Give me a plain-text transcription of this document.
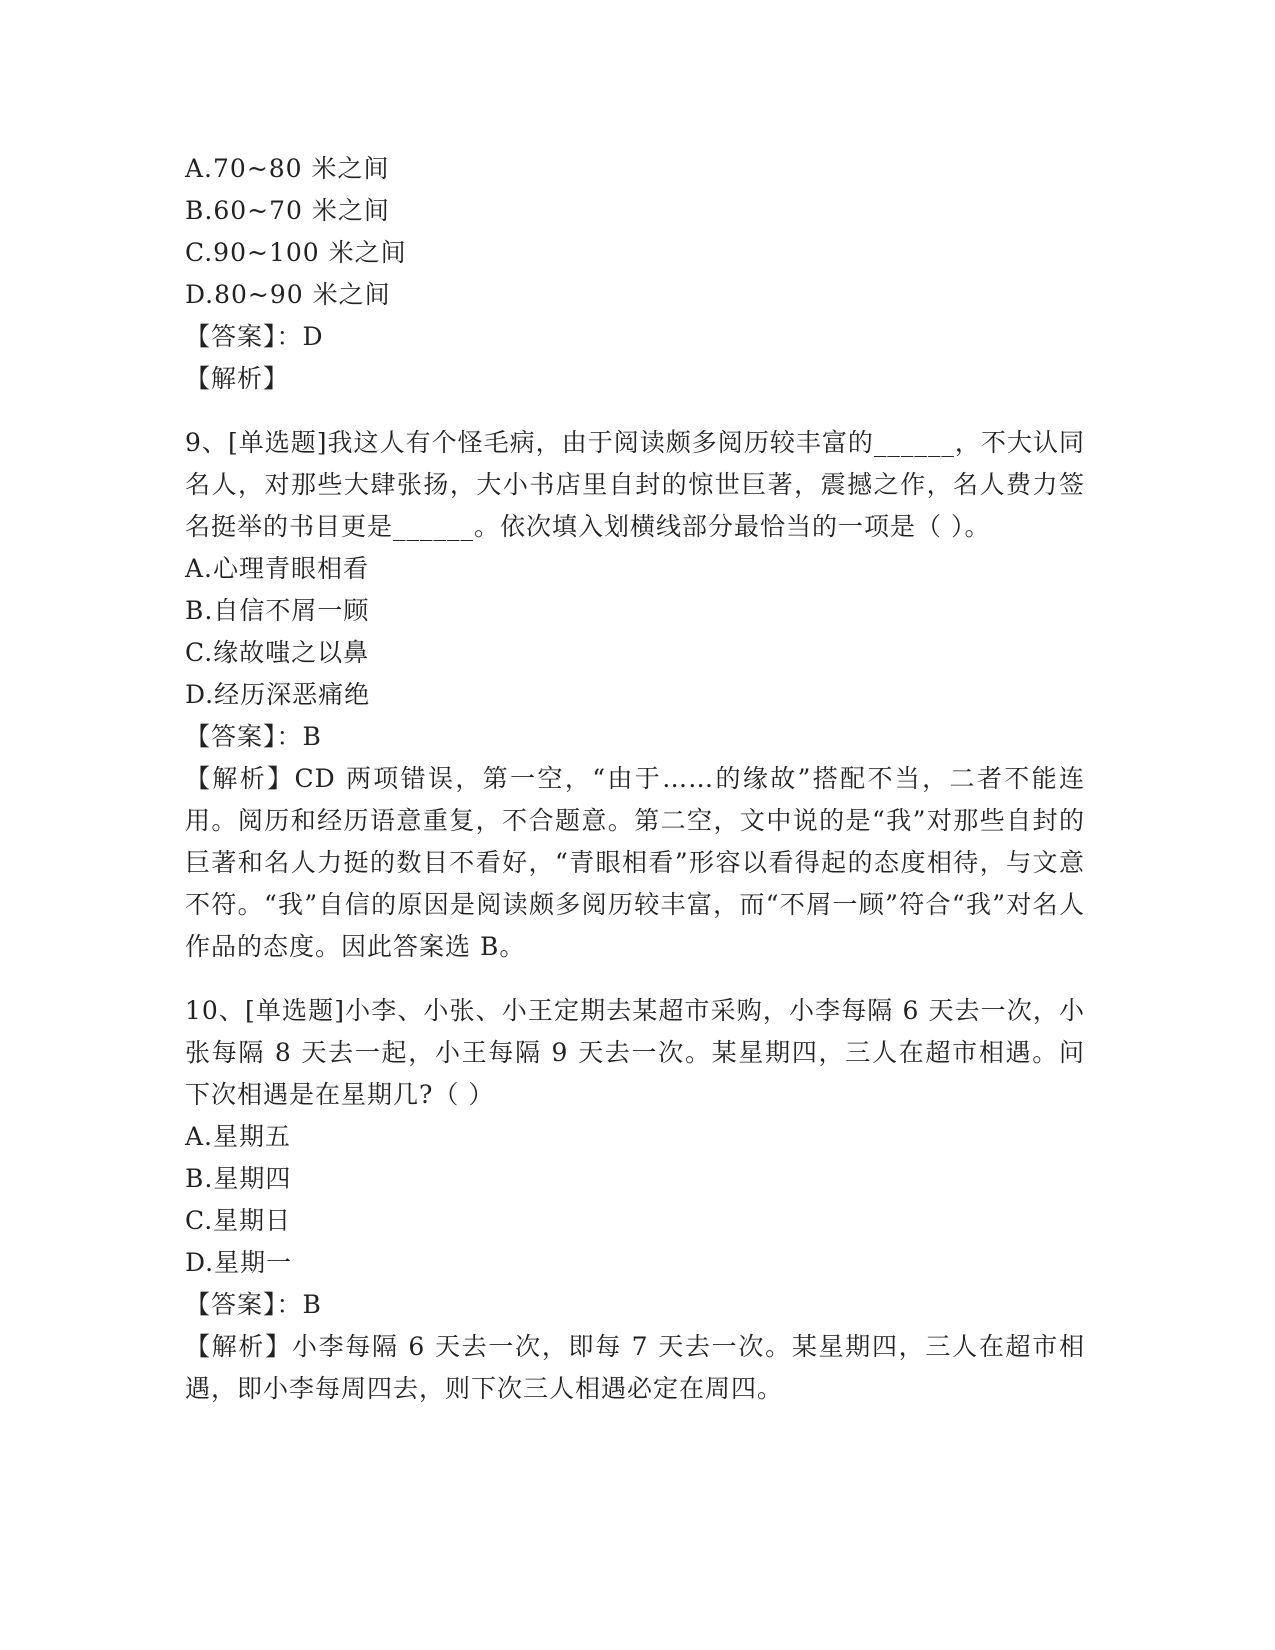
A.70~80 米之间
B.60~70 米之间
C.90~100 米之间
D.80~90 米之间
【答案】：D
【解析】
9、[单选题]我这人有个怪毛病，由于阅读颇多阅历较丰富的______，不大认同名人，对那些大肆张扬，大小书店里自封的惊世巨著，震撼之作，名人费力签名挺举的书目更是______。依次填入划横线部分最恰当的一项是（ ）。
A.心理青眼相看
B.自信不屑一顾
C.缘故嗤之以鼻
D.经历深恶痛绝
【答案】：B
【解析】CD 两项错误，第一空，“由于……的缘故”搭配不当，二者不能连用。阅历和经历语意重复，不合题意。第二空，文中说的是“我”对那些自封的巨著和名人力挺的数目不看好，“青眼相看”形容以看得起的态度相待，与文意不符。“我”自信的原因是阅读颇多阅历较丰富，而“不屑一顾”符合“我”对名人作品的态度。因此答案选 B。
10、[单选题]小李、小张、小王定期去某超市采购，小李每隔 6 天去一次，小张每隔 8 天去一起，小王每隔 9 天去一次。某星期四，三人在超市相遇。问下次相遇是在星期几?（ ）
A.星期五
B.星期四
C.星期日
D.星期一
【答案】：B
【解析】小李每隔 6 天去一次，即每 7 天去一次。某星期四，三人在超市相遇，即小李每周四去，则下次三人相遇必定在周四。
